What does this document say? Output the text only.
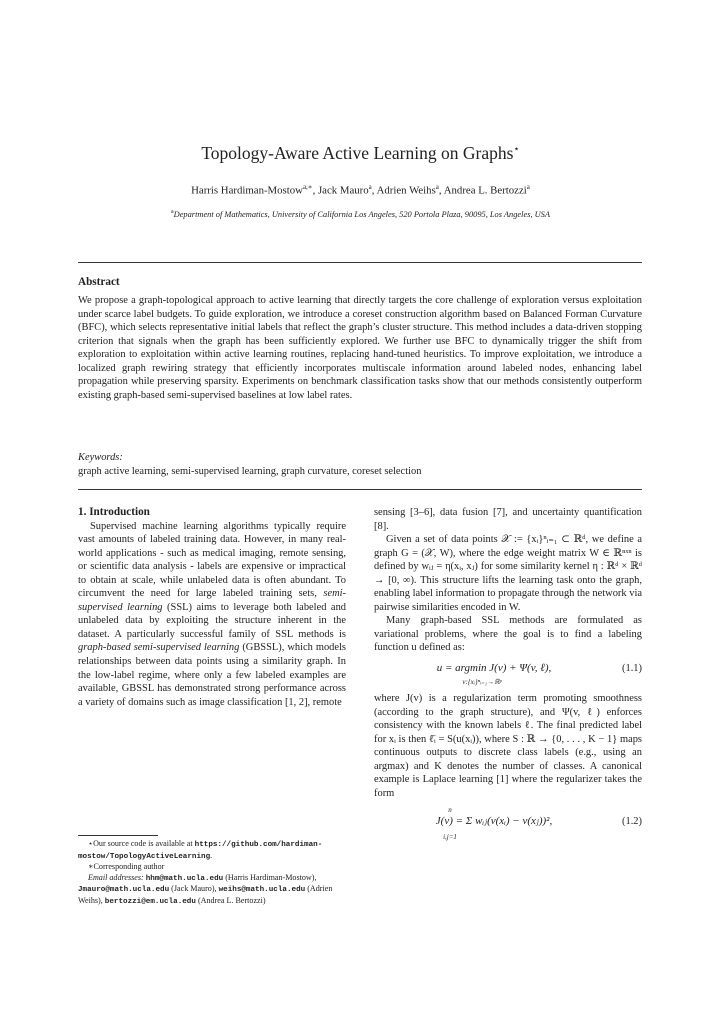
Topology-Aware Active Learning on Graphs⋆
Harris Hardiman-Mostow$^{a,∗}$, Jack Mauro$^a$, Adrien Weihs$^a$, Andrea L. Bertozzi$^a$
$^a$Department of Mathematics, University of California Los Angeles, 520 Portola Plaza, 90095, Los Angeles, USA
Abstract
We propose a graph-topological approach to active learning that directly targets the core challenge of exploration versus exploitation under scarce label budgets. To guide exploration, we introduce a coreset construction algorithm based on Balanced Forman Curvature (BFC), which selects representative initial labels that reflect the graph’s cluster structure. This method includes a data-driven stopping criterion that signals when the graph has been sufficiently explored. We further use BFC to dynamically trigger the shift from exploration to exploitation within active learning routines, replacing hand-tuned heuristics. To improve exploitation, we introduce a localized graph rewiring strategy that efficiently incorporates multiscale information around labeled nodes, enhancing label propagation while preserving sparsity. Experiments on benchmark classification tasks show that our methods consistently outperform existing graph-based semi-supervised baselines at low label rates.
Keywords:
graph active learning, semi-supervised learning, graph curvature, coreset selection

1. Introduction

Supervised machine learning algorithms typically require vast amounts of labeled training data. However, in many real-world applications - such as medical imaging, remote sensing, or scientific data analysis - labels are expensive or impractical to obtain at scale, while unlabeled data is often abundant. To circumvent the need for large labeled training sets, semi-supervised learning (SSL) aims to leverage both labeled and unlabeled data by exploiting the structure inherent in the dataset. A particularly successful family of SSL methods is graph-based semi-supervised learning (GBSSL), which models relationships between data points using a similarity graph. In the low-label regime, where only a few labeled examples are available, GBSSL has demonstrated strong performance across a variety of domains such as image classification [1, 2], remote

⋆Our source code is available at https://github.com/hardiman-mostow/TopologyActiveLearning.
∗Corresponding author
Email addresses: hhm@math.ucla.edu (Harris Hardiman-Mostow), Jmauro@math.ucla.edu (Jack Mauro), weihs@math.ucla.edu (Adrien Weihs), bertozzi@em.ucla.edu (Andrea L. Bertozzi)

sensing [3–6], data fusion [7], and uncertainty quantification [8].

Given a set of data points 𝒳 := {xᵢ}ⁿᵢ₌₁ ⊂ ℝᵈ, we define a graph G = (𝒳, W), where the edge weight matrix W ∈ ℝⁿˣⁿ is defined by wᵢⱼ = η(xᵢ, xⱼ) for some similarity kernel η : ℝᵈ × ℝᵈ → [0, ∞). This structure lifts the learning task onto the graph, enabling label information to propagate through the network via pairwise similarities encoded in W.

Many graph-based SSL methods are formulated as variational problems, where the goal is to find a labeling function u defined as:

u = argmin J(v) + Ψ(v, ℓ),
v:{xᵢ}ⁿᵢ₌₁→ℝᵖ
(1.1)

where J(v) is a regularization term promoting smoothness (according to the graph structure), and Ψ(v, ℓ) enforces consistency with the known labels ℓ. The final predicted label for xᵢ is then ℓ̄ᵢ = S(u(xᵢ)), where S : ℝ → {0, . . . , K − 1} maps continuous outputs to discrete class labels (e.g., using an argmax) and K denotes the number of classes. A canonical example is Laplace learning [1] where the regularizer takes the form

n
J(v) = Σ wᵢⱼ(v(xᵢ) − v(xⱼ))²,
i,j=1
(1.2)
